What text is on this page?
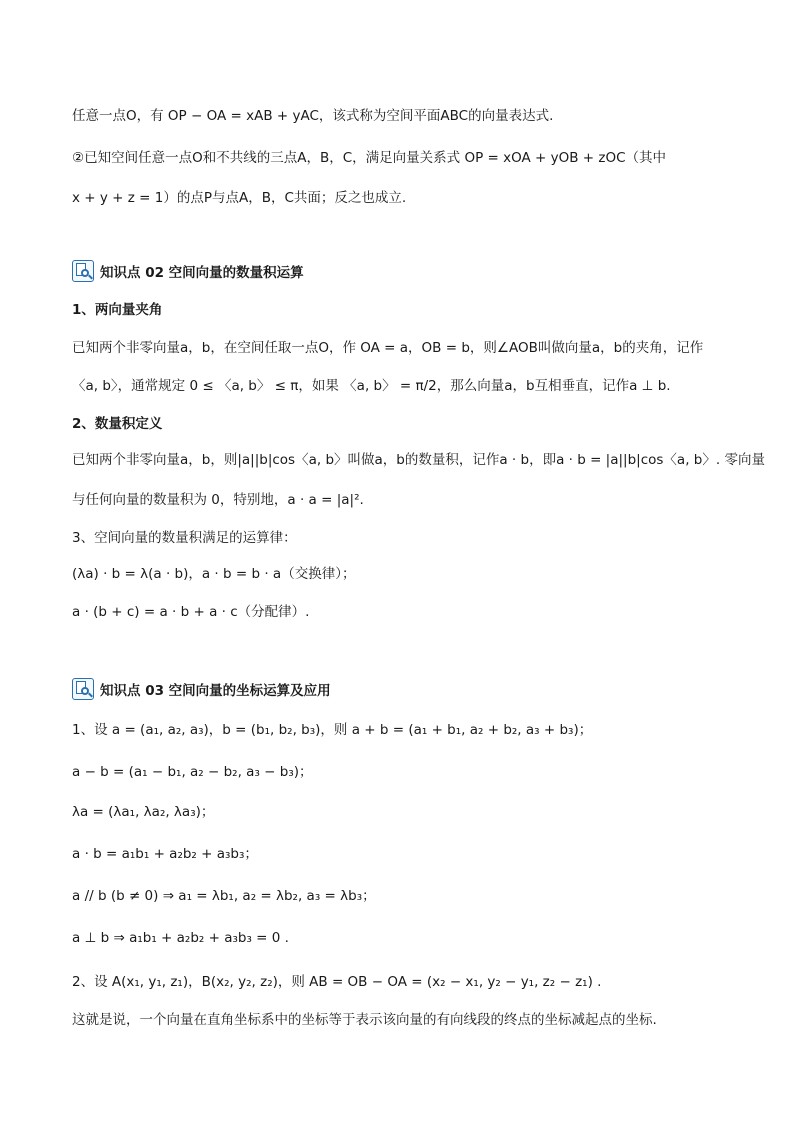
任意一点O，有 OP − OA = xAB + yAC，该式称为空间平面ABC的向量表达式.
②已知空间任意一点O和不共线的三点A，B，C，满足向量关系式 OP = xOA + yOB + zOC（其中
x + y + z = 1）的点P与点A，B，C共面；反之也成立.
知识点 02 空间向量的数量积运算
1、两向量夹角
已知两个非零向量a，b，在空间任取一点O，作 OA = a，OB = b，则∠AOB叫做向量a，b的夹角，记作
〈a, b〉，通常规定 0 ≤ 〈a, b〉 ≤ π，如果 〈a, b〉 = π/2，那么向量a，b互相垂直，记作a ⊥ b.
2、数量积定义
已知两个非零向量a，b，则|a||b|cos〈a, b〉叫做a，b的数量积，记作a · b，即a · b = |a||b|cos〈a, b〉. 零向量
与任何向量的数量积为 0，特别地，a · a = |a|².
3、空间向量的数量积满足的运算律：
(λa) · b = λ(a · b)，a · b = b · a（交换律）；
a · (b + c) = a · b + a · c（分配律）.
知识点 03 空间向量的坐标运算及应用
1、设 a = (a₁, a₂, a₃)，b = (b₁, b₂, b₃)，则 a + b = (a₁ + b₁, a₂ + b₂, a₃ + b₃)；
a − b = (a₁ − b₁, a₂ − b₂, a₃ − b₃)；
λa = (λa₁, λa₂, λa₃)；
a · b = a₁b₁ + a₂b₂ + a₃b₃；
a // b (b ≠ 0) ⇒ a₁ = λb₁, a₂ = λb₂, a₃ = λb₃；
a ⊥ b ⇒ a₁b₁ + a₂b₂ + a₃b₃ = 0 .
2、设 A(x₁, y₁, z₁)，B(x₂, y₂, z₂)，则 AB = OB − OA = (x₂ − x₁, y₂ − y₁, z₂ − z₁) .
这就是说，一个向量在直角坐标系中的坐标等于表示该向量的有向线段的终点的坐标减起点的坐标.
